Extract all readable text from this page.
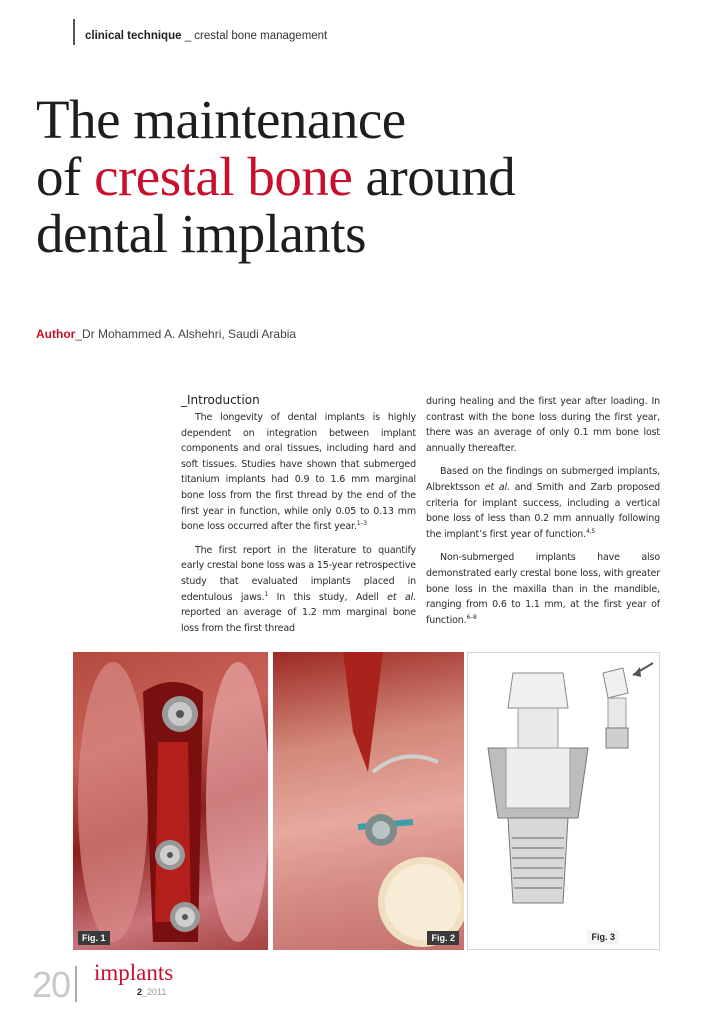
clinical technique _ crestal bone management
The maintenance
of crestal bone around
dental implants
Author_Dr Mohammed A. Alshehri, Saudi Arabia
_Introduction

The longevity of dental implants is highly dependent on integration between implant components and oral tissues, including hard and soft tissues. Studies have shown that submerged titanium implants had 0.9 to 1.6 mm marginal bone loss from the first thread by the end of the first year in function, while only 0.05 to 0.13 mm bone loss occurred after the first year.$^{1-3}$

The first report in the literature to quantify early crestal bone loss was a 15-year retrospective study that evaluated implants placed in edentulous jaws.$^1$ In this study, Adell et al. reported an average of 1.2 mm marginal bone loss from the first thread

during healing and the first year after loading. In contrast with the bone loss during the first year, there was an average of only 0.1 mm bone lost annually thereafter.

Based on the findings on submerged implants, Albrektsson et al. and Smith and Zarb proposed criteria for implant success, including a vertical bone loss of less than 0.2 mm annually following the implant’s first year of function.$^{4,5}$

Non-submerged implants have also demonstrated early crestal bone loss, with greater bone loss in the maxilla than in the mandible, ranging from 0.6 to 1.1 mm, at the first year of function.$^{6-8}$

Fig. 1	Fig. 2	Fig. 3
20 implants
2_2011
